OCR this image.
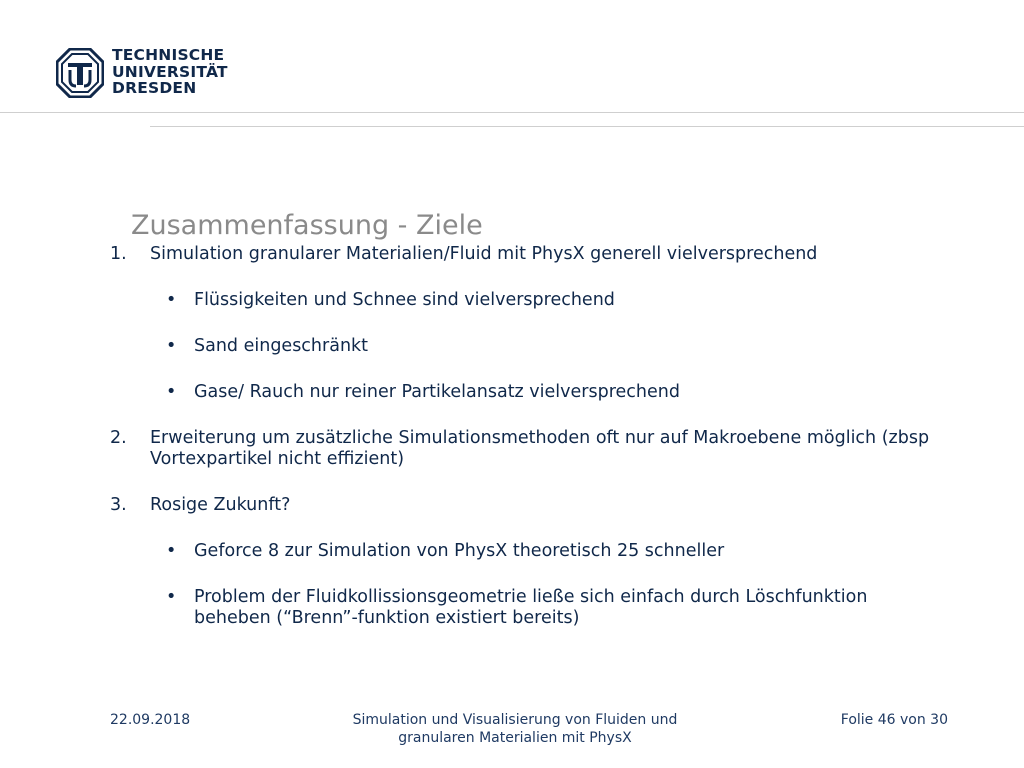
TECHNISCHE
UNIVERSITÄT
DRESDEN
Zusammenfassung - Ziele

1.	Simulation granularer Materialien/Fluid mit PhysX generell vielversprechend

• Flüssigkeiten und Schnee sind vielversprechend

• Sand eingeschränkt

• Gase/ Rauch nur reiner Partikelansatz vielversprechend

2.	Erweiterung um zusätzliche Simulationsmethoden oft nur auf Makroebene möglich (zbsp Vortexpartikel nicht effizient)

3.	Rosige Zukunft?

• Geforce 8 zur Simulation von PhysX theoretisch 25 schneller

• Problem der Fluidkollissionsgeometrie ließe sich einfach durch Löschfunktion beheben (“Brenn”-funktion existiert bereits)

22.09.2018	Simulation und Visualisierung von Fluiden und granularen Materialien mit PhysX
Folie 46 von 30
